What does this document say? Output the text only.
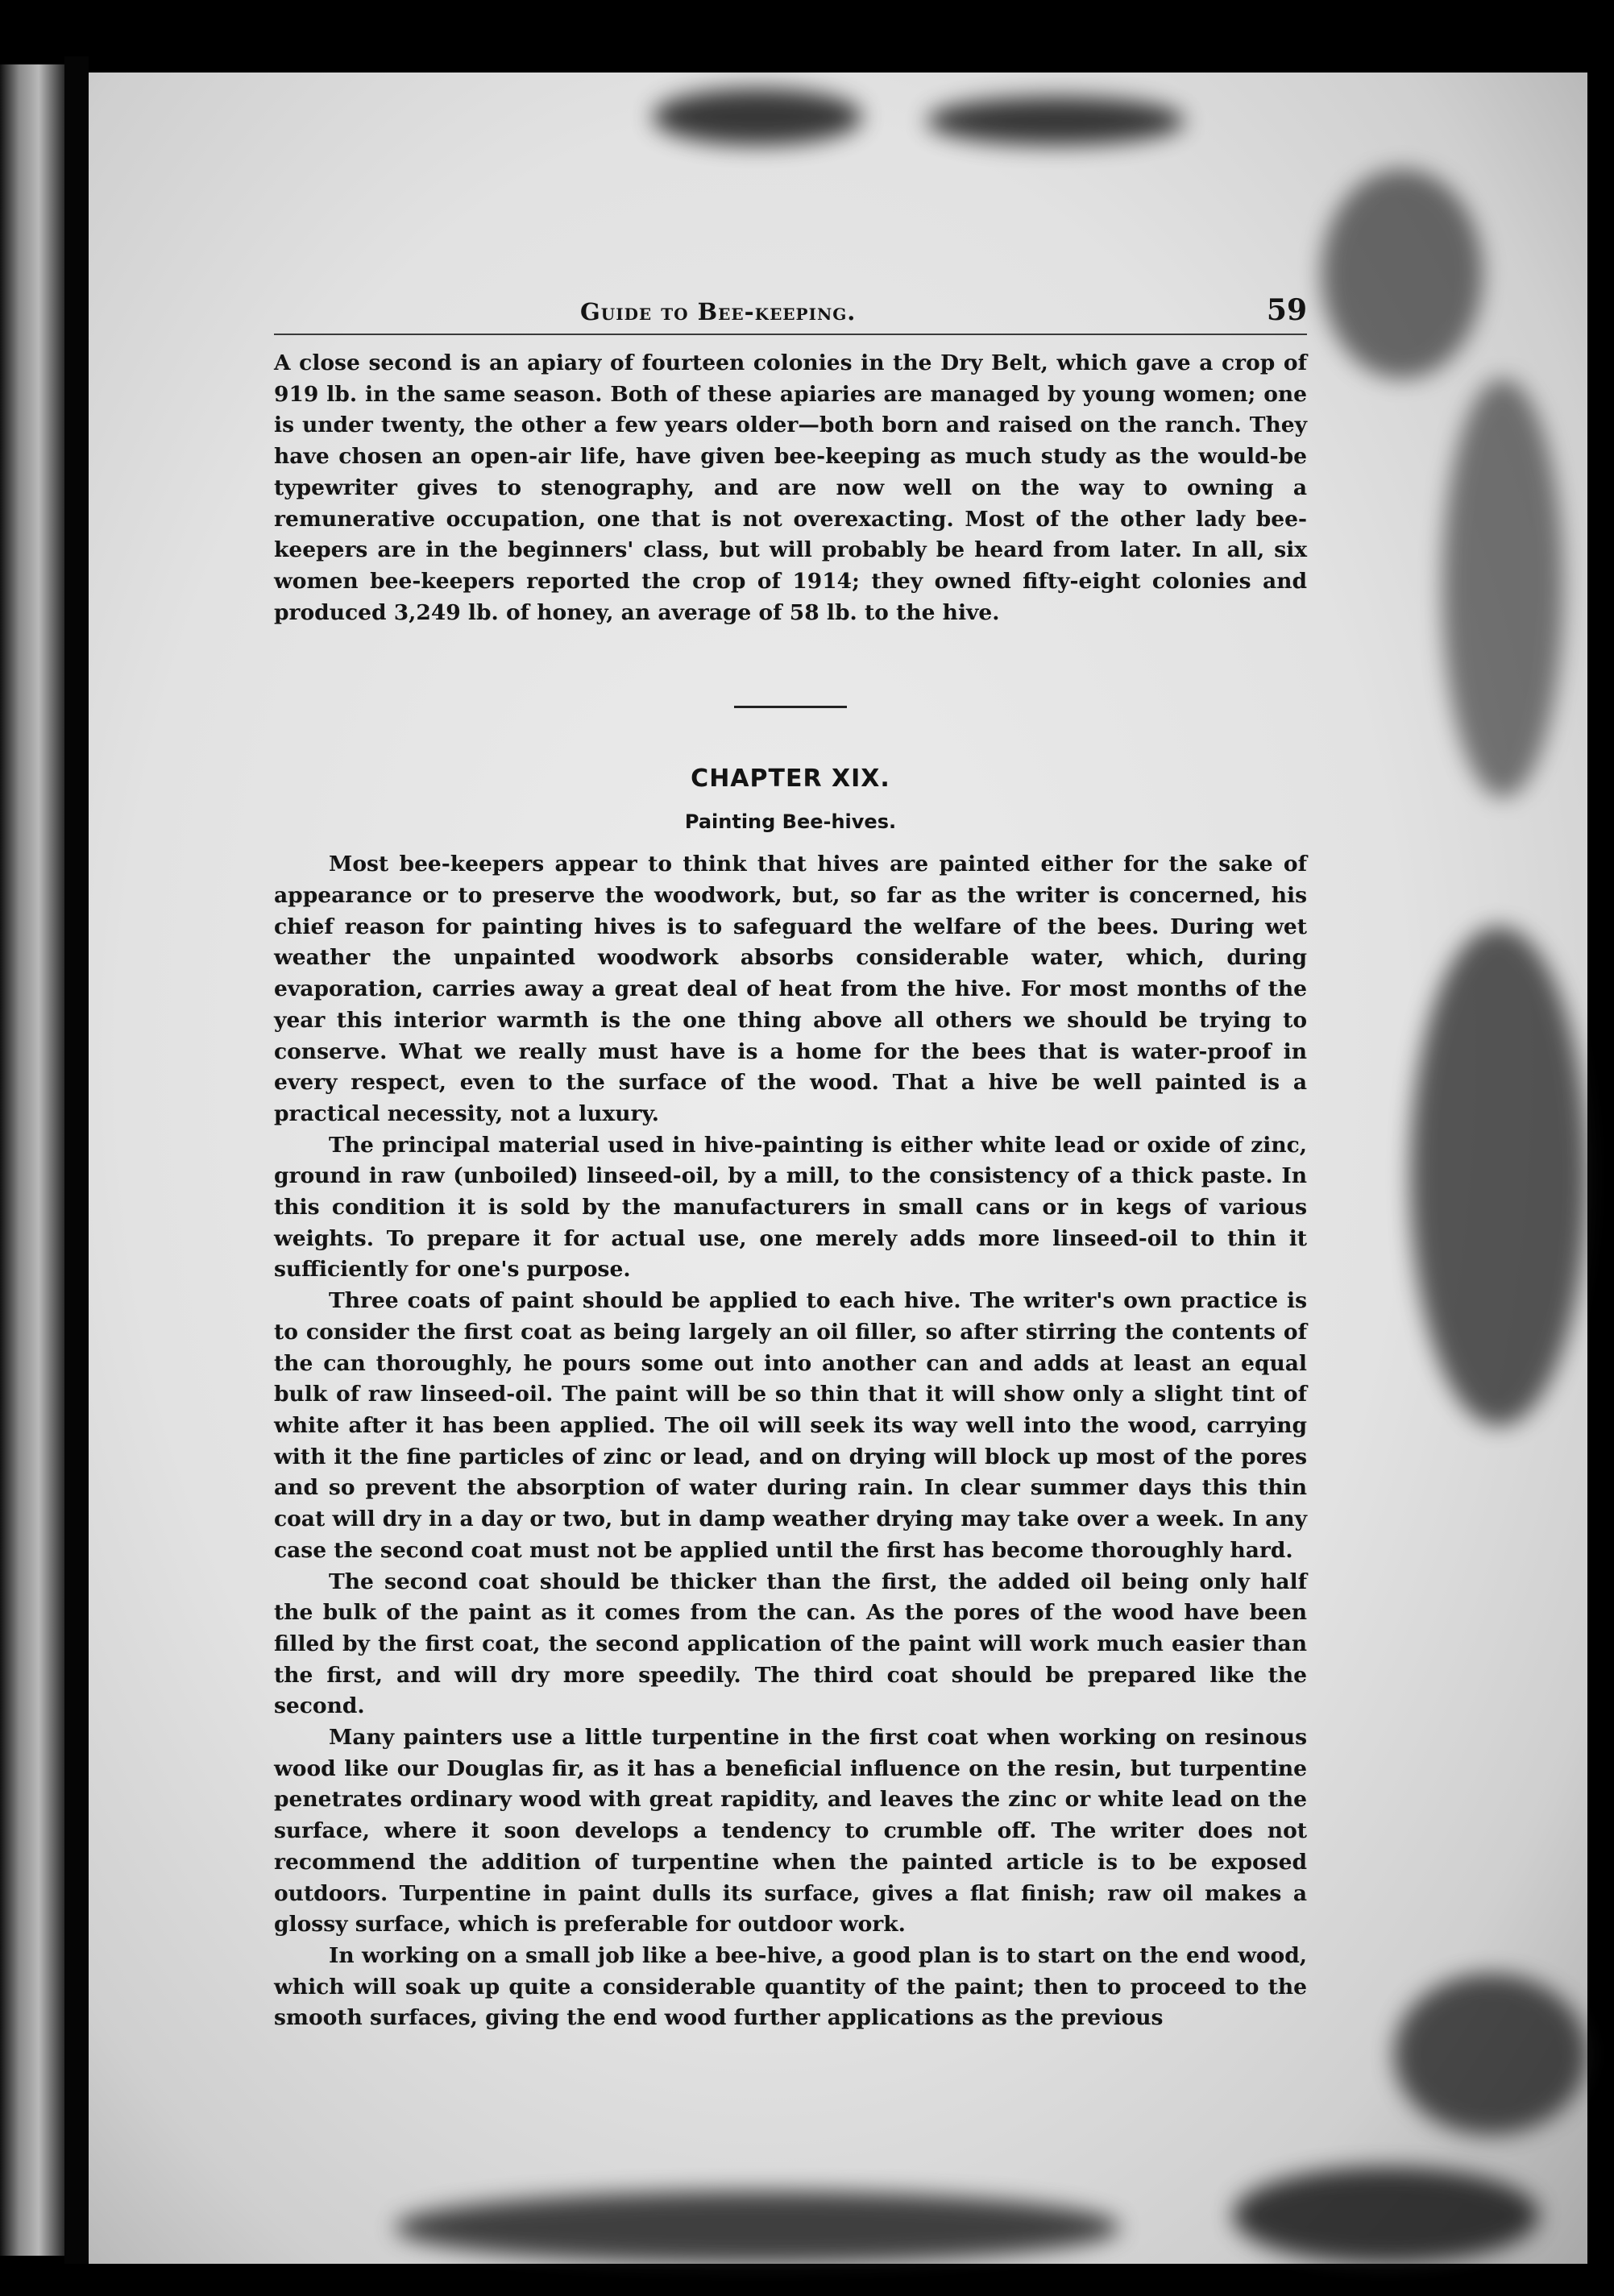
Guide to Bee-keeping.	59

A close second is an apiary of fourteen colonies in the Dry Belt, which gave a crop of 919 lb. in the same season. Both of these apiaries are managed by young women; one is under twenty, the other a few years older—both born and raised on the ranch. They have chosen an open-air life, have given bee-keeping as much study as the would-be typewriter gives to stenography, and are now well on the way to owning a remunerative occupation, one that is not overexacting. Most of the other lady bee-keepers are in the beginners' class, but will probably be heard from later. In all, six women bee-keepers reported the crop of 1914; they owned fifty-eight colonies and produced 3,249 lb. of honey, an average of 58 lb. to the hive.

CHAPTER XIX.
Painting Bee-hives.

Most bee-keepers appear to think that hives are painted either for the sake of appearance or to preserve the woodwork, but, so far as the writer is concerned, his chief reason for painting hives is to safeguard the welfare of the bees. During wet weather the unpainted woodwork absorbs considerable water, which, during evaporation, carries away a great deal of heat from the hive. For most months of the year this interior warmth is the one thing above all others we should be trying to conserve. What we really must have is a home for the bees that is water-proof in every respect, even to the surface of the wood. That a hive be well painted is a practical necessity, not a luxury.

The principal material used in hive-painting is either white lead or oxide of zinc, ground in raw (unboiled) linseed-oil, by a mill, to the consistency of a thick paste. In this condition it is sold by the manufacturers in small cans or in kegs of various weights. To prepare it for actual use, one merely adds more linseed-oil to thin it sufficiently for one's purpose.

Three coats of paint should be applied to each hive. The writer's own practice is to consider the first coat as being largely an oil filler, so after stirring the contents of the can thoroughly, he pours some out into another can and adds at least an equal bulk of raw linseed-oil. The paint will be so thin that it will show only a slight tint of white after it has been applied. The oil will seek its way well into the wood, carrying with it the fine particles of zinc or lead, and on drying will block up most of the pores and so prevent the absorption of water during rain. In clear summer days this thin coat will dry in a day or two, but in damp weather drying may take over a week. In any case the second coat must not be applied until the first has become thoroughly hard.

The second coat should be thicker than the first, the added oil being only half the bulk of the paint as it comes from the can. As the pores of the wood have been filled by the first coat, the second application of the paint will work much easier than the first, and will dry more speedily. The third coat should be prepared like the second.

Many painters use a little turpentine in the first coat when working on resinous wood like our Douglas fir, as it has a beneficial influence on the resin, but turpentine penetrates ordinary wood with great rapidity, and leaves the zinc or white lead on the surface, where it soon develops a tendency to crumble off. The writer does not recommend the addition of turpentine when the painted article is to be exposed outdoors. Turpentine in paint dulls its surface, gives a flat finish; raw oil makes a glossy surface, which is preferable for outdoor work.

In working on a small job like a bee-hive, a good plan is to start on the end wood, which will soak up quite a considerable quantity of the paint; then to proceed to the smooth surfaces, giving the end wood further applications as the previous
